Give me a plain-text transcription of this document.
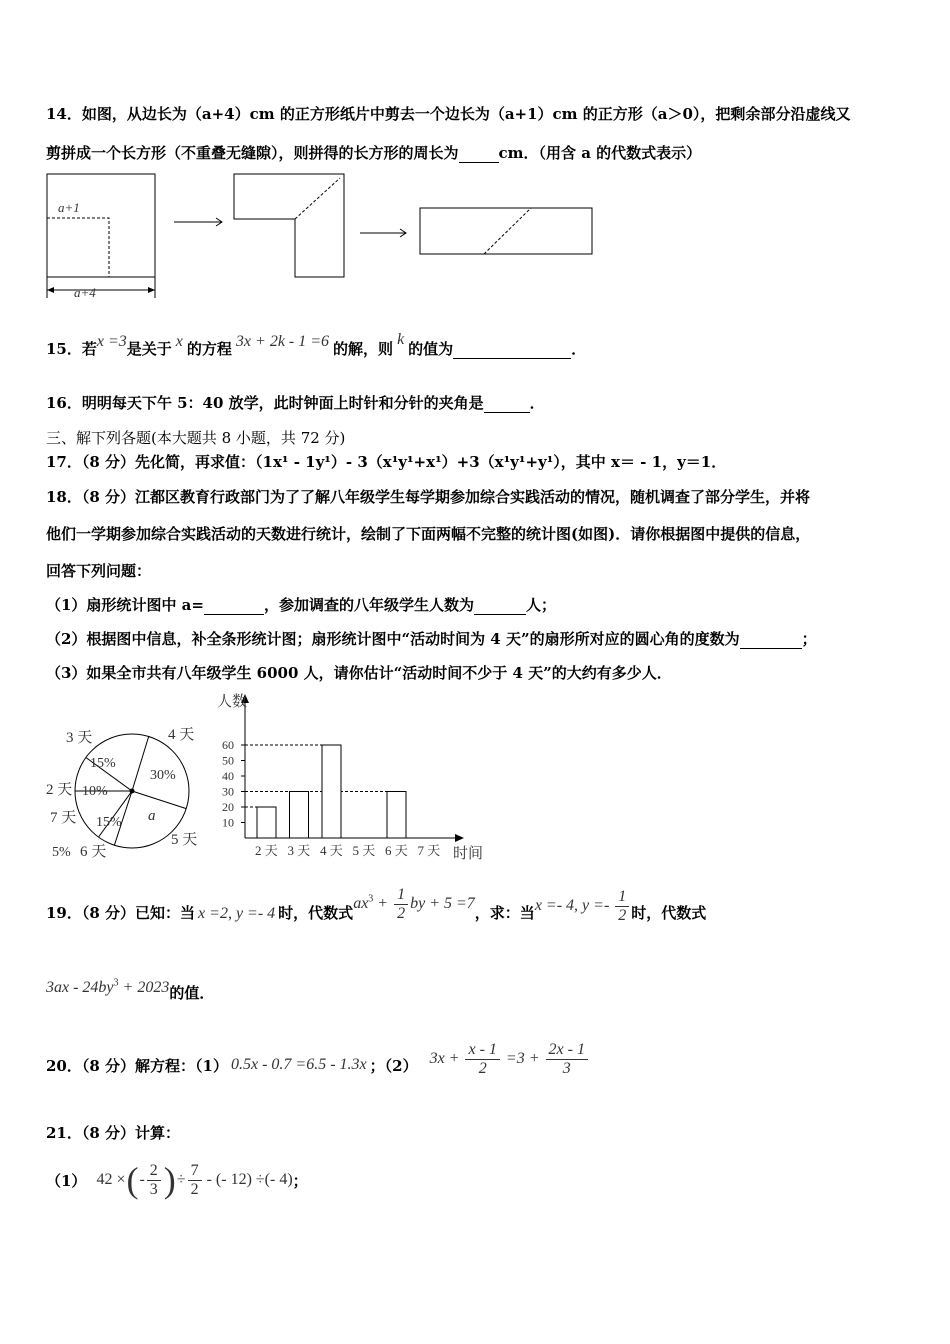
14．如图，从边长为（a+4）cm 的正方形纸片中剪去一个边长为（a+1）cm 的正方形（a＞0），把剩余部分沿虚线又
剪拼成一个长方形（不重叠无缝隙），则拼得的长方形的周长为	cm．（用含 a 的代数式表示）
a+1
a+4
15．若x =3是关于 x 的方程 3x + 2k - 1 =6 的解，则k的值为	．
16．明明每天下午 5：40 放学，此时钟面上时针和分针的夹角是	．
三、解下列各题(本大题共 8 小题，共 72 分)
17．（8 分）先化简，再求值：（1x¹ - 1y¹）- 3（x¹y¹+x¹）+3（x¹y¹+y¹），其中 x＝ - 1，y＝1．
18．（8 分）江都区教育行政部门为了了解八年级学生每学期参加综合实践活动的情况，随机调查了部分学生，并将
他们一学期参加综合实践活动的天数进行统计，绘制了下面两幅不完整的统计图(如图)．请你根据图中提供的信息，
回答下列问题：
（1）扇形统计图中 a=	，参加调查的八年级学生人数为	人；
（2）根据图中信息，补全条形统计图；扇形统计图中“活动时间为 4 天”的扇形所对应的圆心角的度数为	；
（3）如果全市共有八年级学生 6000 人，请你估计“活动时间不少于 4 天”的大约有多少人．
30%
4 天
a
5 天
5% 6 天
15%
7 天
10%
2 天
15%
3 天
人数
时间
10
20
30
40
50
60
2 天 3 天 4 天 5 天 6 天 7 天
19．（8 分）已知：当 x =2, y =- 4 时，代数式$ax^3 + \frac{1}{2}$ by + 5 =7，求：当x =- 4, $y =- \frac{1}{2}$ 时，代数式
$3ax - 24by^3 + 2023$的值．
20．（8 分）解方程：（1） 0.5x - 0.7 =6.5 - 1.3x ；（2） $3x + \frac{x - 1}{2} =3 + \frac{2x - 1}{3}$
21．（8 分）计算：
（1） 42 × ( - $\frac{2}{3}$ ) ÷ $\frac{7}{2}$ - (- 12) ÷(- 4) ；
